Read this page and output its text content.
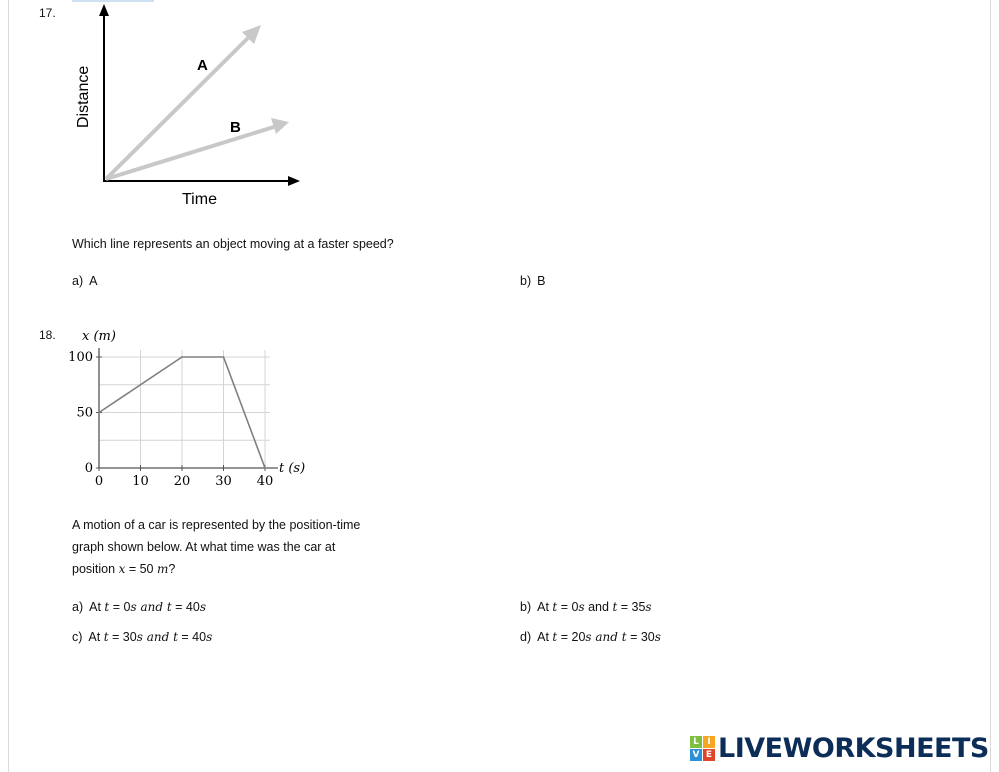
17.
A
B
Time
Distance
Which line represents an object moving at a faster speed?
a) A	b) B
18.
0 10 20 30 40
0
50
100
x (m)
t (s)
A motion of a car is represented by the position-time
graph shown below. At what time was the car at
position x = 50 m?
a) At t = 0s and t = 40s	b) At t = 0s and t = 35s
c) At t = 30s and t = 40s	d) At t = 20s and t = 30s
L I
V E LIVEWORKSHEETS
